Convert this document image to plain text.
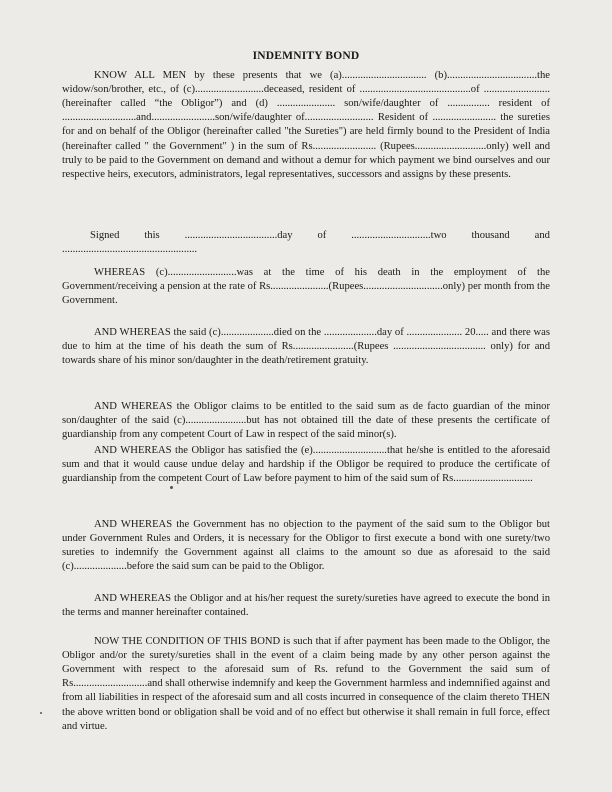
INDEMNITY BOND

KNOW ALL MEN by these presents that we (a)................................ (b)..................................the widow/son/brother, etc., of (c)..........................deceased, resident of ..........................................of ......................... (hereinafter called “the Obligor”) and (d) ...................... son/wife/daughter of ................ resident of ............................and........................son/wife/daughter of.......................... Resident of ........................ the sureties for and on behalf of the Obligor (hereinafter called "the Sureties") are held firmly bound to the President of India (hereinafter called " the Government" ) in the sum of Rs........................ (Rupees...........................only) well and truly to be paid to the Government on demand and without a demur for which payment we bind ourselves and our respective heirs, executors, administrators, legal representatives, successors and assigns by these presents.

Signed this ...................................day of ..............................two thousand and
...................................................

WHEREAS (c)..........................was at the time of his death in the employment of the Government/receiving a pension at the rate of Rs......................(Rupees..............................only) per month from the Government.

AND WHEREAS the said (c)....................died on the ....................day of ..................... 20..... and there was due to him at the time of his death the sum of Rs.......................(Rupees ................................... only) for and towards share of his minor son/daughter in the death/retirement gratuity.

AND WHEREAS the Obligor claims to be entitled to the said sum as de facto guardian of the minor son/daughter of the said (c).......................but has not obtained till the date of these presents the certificate of guardianship from any competent Court of Law in respect of the said minor(s).

AND WHEREAS the Obligor has satisfied the (e)............................that he/she is entitled to the aforesaid sum and that it would cause undue delay and hardship if the Obligor be required to produce the certificate of guardianship from the competent Court of Law before payment to him of the said sum of Rs..............................

AND WHEREAS the Government has no objection to the payment of the said sum to the Obligor but under Government Rules and Orders, it is necessary for the Obligor to first execute a bond with one surety/two sureties to indemnify the Government against all claims to the amount so due as aforesaid to the said (c)....................before the said sum can be paid to the Obligor.

AND WHEREAS the Obligor and at his/her request the surety/sureties have agreed to execute the bond in the terms and manner hereinafter contained.

NOW THE CONDITION OF THIS BOND is such that if after payment has been made to the Obligor, the Obligor and/or the surety/sureties shall in the event of a claim being made by any other person against the Government with respect to the aforesaid sum of Rs. refund to the Government the said sum of Rs............................and shall otherwise indemnify and keep the Government harmless and indemnified against and from all liabilities in respect of the aforesaid sum and all costs incurred in consequence of the claim thereto THEN the above written bond or obligation shall be void and of no effect but otherwise it shall remain in full force, effect and virtue.
